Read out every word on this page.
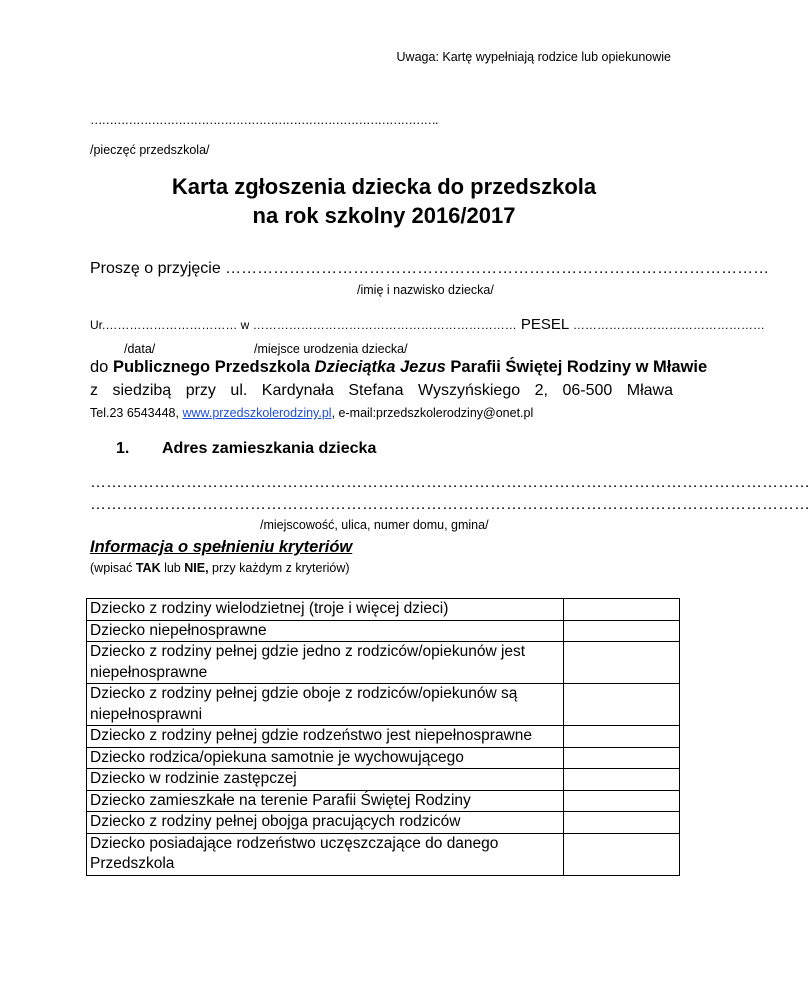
Uwaga: Kartę wypełniają rodzice lub opiekunowie
……………………………………………………………………………….
/pieczęć przedszkola/
Karta zgłoszenia dziecka do przedszkola
na rok szkolny 2016/2017
Proszę o przyjęcie …………………………………………………………………………………………
/imię i nazwisko dziecka/
Ur.…………………………… w ………………………………………………………… PESEL …………………………………………
/data/	/miejsce urodzenia dziecka/
do Publicznego Przedszkola Dzieciątka Jezus Parafii Świętej Rodziny w Mławie
z siedzibą przy ul. Kardynała Stefana Wyszyńskiego 2, 06-500 Mława
Tel.23 6543448, www.przedszkolerodziny.pl, e-mail:przedszkolerodziny@onet.pl
1. Adres zamieszkania dziecka
………………………………………………………………………………………………………………………
………………………………………………………………………………………………………………………
/miejscowość, ulica, numer domu, gmina/
Informacja o spełnieniu kryteriów
(wpisać TAK lub NIE, przy każdym z kryteriów)
Dziecko z rodziny wielodzietnej (troje i więcej dzieci)	
Dziecko niepełnosprawne	
Dziecko z rodziny pełnej gdzie jedno z rodziców/opiekunów jest niepełnosprawne	
Dziecko z rodziny pełnej gdzie oboje z rodziców/opiekunów są niepełnosprawni	
Dziecko z rodziny pełnej gdzie rodzeństwo jest niepełnosprawne	
Dziecko rodzica/opiekuna samotnie je wychowującego	
Dziecko w rodzinie zastępczej	
Dziecko zamieszkałe na terenie Parafii Świętej Rodziny	
Dziecko z rodziny pełnej obojga pracujących rodziców	
Dziecko posiadające rodzeństwo uczęszczające do danego Przedszkola	
